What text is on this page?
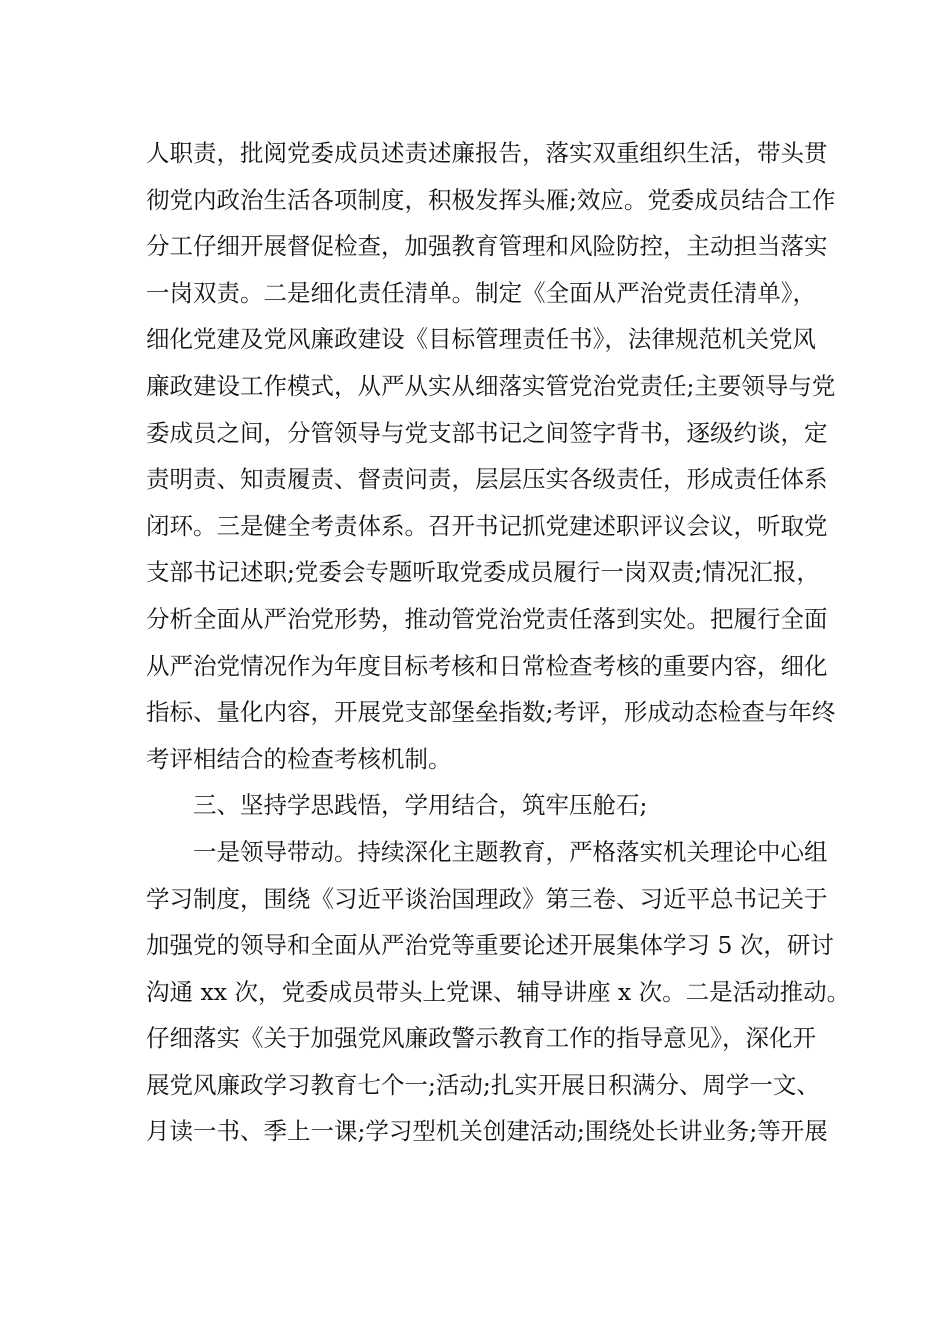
人职责，批阅党委成员述责述廉报告，落实双重组织生活，带头贯
彻党内政治生活各项制度，积极发挥头雁;效应。党委成员结合工作
分工仔细开展督促检查，加强教育管理和风险防控，主动担当落实
一岗双责。二是细化责任清单。制定《全面从严治党责任清单》，
细化党建及党风廉政建设《目标管理责任书》，法律规范机关党风
廉政建设工作模式，从严从实从细落实管党治党责任;主要领导与党
委成员之间，分管领导与党支部书记之间签字背书，逐级约谈，定
责明责、知责履责、督责问责，层层压实各级责任，形成责任体系
闭环。三是健全考责体系。召开书记抓党建述职评议会议，听取党
支部书记述职;党委会专题听取党委成员履行一岗双责;情况汇报，
分析全面从严治党形势，推动管党治党责任落到实处。把履行全面
从严治党情况作为年度目标考核和日常检查考核的重要内容，细化
指标、量化内容，开展党支部堡垒指数;考评，形成动态检查与年终
考评相结合的检查考核机制。
三、坚持学思践悟，学用结合，筑牢压舱石;
一是领导带动。持续深化主题教育，严格落实机关理论中心组
学习制度，围绕《习近平谈治国理政》第三卷、习近平总书记关于
加强党的领导和全面从严治党等重要论述开展集体学习 5 次，研讨
沟通 xx 次，党委成员带头上党课、辅导讲座 x 次。二是活动推动。
仔细落实《关于加强党风廉政警示教育工作的指导意见》，深化开
展党风廉政学习教育七个一;活动;扎实开展日积满分、周学一文、
月读一书、季上一课;学习型机关创建活动;围绕处长讲业务;等开展
